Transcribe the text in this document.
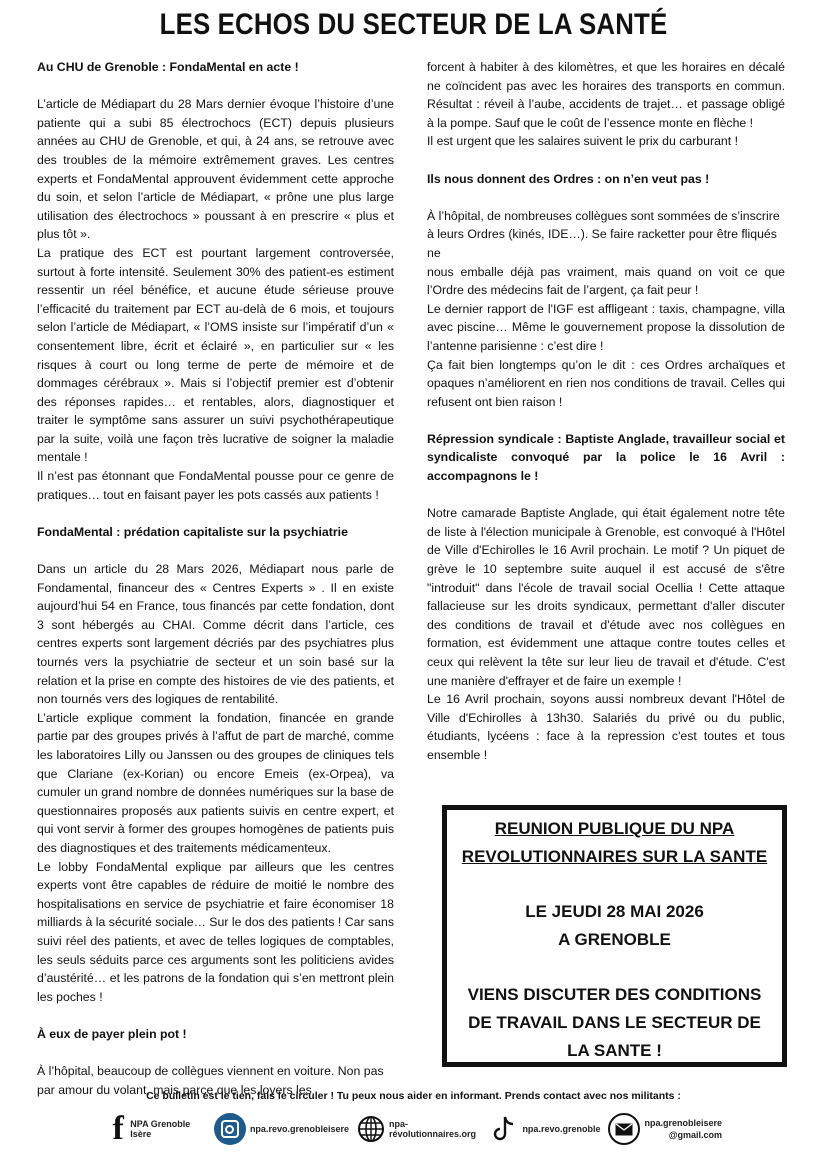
LES ECHOS DU SECTEUR DE LA SANTÉ
Au CHU de Grenoble : FondaMental en acte !

L’article de Médiapart du 28 Mars dernier évoque l’histoire d’une patiente qui a subi 85 électrochocs (ECT) depuis plusieurs années au CHU de Grenoble, et qui, à 24 ans, se retrouve avec des troubles de la mémoire extrêmement graves. Les centres experts et FondaMental approuvent évidemment cette approche du soin, et selon l’article de Médiapart, « prône une plus large utilisation des électrochocs » poussant à en prescrire « plus et plus tôt ».

La pratique des ECT est pourtant largement controversée, surtout à forte intensité. Seulement 30% des patient-es estiment ressentir un réel bénéfice, et aucune étude sérieuse prouve l’efficacité du traitement par ECT au-delà de 6 mois, et toujours selon l’article de Médiapart, « l’OMS insiste sur l’impératif d’un « consentement libre, écrit et éclairé », en particulier sur « les risques à court ou long terme de perte de mémoire et de dommages cérébraux ». Mais si l’objectif premier est d’obtenir des réponses rapides… et rentables, alors, diagnostiquer et traiter le symptôme sans assurer un suivi psychothérapeutique par la suite, voilà une façon très lucrative de soigner la maladie mentale !

Il n’est pas étonnant que FondaMental pousse pour ce genre de pratiques… tout en faisant payer les pots cassés aux patients !

FondaMental : prédation capitaliste sur la psychiatrie

Dans un article du 28 Mars 2026, Médiapart nous parle de Fondamental, financeur des « Centres Experts » . Il en existe aujourd’hui 54 en France, tous financés par cette fondation, dont 3 sont hébergés au CHAI. Comme décrit dans l’article, ces centres experts sont largement décriés par des psychiatres plus tournés vers la psychiatrie de secteur et un soin basé sur la relation et la prise en compte des histoires de vie des patients, et non tournés vers des logiques de rentabilité.

L’article explique comment la fondation, financée en grande partie par des groupes privés à l’affut de part de marché, comme les laboratoires Lilly ou Janssen ou des groupes de cliniques tels que Clariane (ex-Korian) ou encore Emeis (ex-Orpea), va cumuler un grand nombre de données numériques sur la base de questionnaires proposés aux patients suivis en centre expert, et qui vont servir à former des groupes homogènes de patients puis des diagnostiques et des traitements médicamenteux.

Le lobby FondaMental explique par ailleurs que les centres experts vont être capables de réduire de moitié le nombre des hospitalisations en service de psychiatrie et faire économiser 18 milliards à la sécurité sociale… Sur le dos des patients ! Car sans suivi réel des patients, et avec de telles logiques de comptables, les seuls séduits parce ces arguments sont les politiciens avides d’austérité… et les patrons de la fondation qui s’en mettront plein les poches !

À eux de payer plein pot !

À l’hôpital, beaucoup de collègues viennent en voiture. Non pas par amour du volant, mais parce que les loyers les

forcent à habiter à des kilomètres, et que les horaires en décalé ne coïncident pas avec les horaires des transports en commun. Résultat : réveil à l’aube, accidents de trajet… et passage obligé à la pompe. Sauf que le coût de l’essence monte en flèche !

Il est urgent que les salaires suivent le prix du carburant !

Ils nous donnent des Ordres : on n’en veut pas !

À l’hôpital, de nombreuses collègues sont sommées de s’inscrire à leurs Ordres (kinés, IDE…). Se faire racketter pour être fliqués ne

nous emballe déjà pas vraiment, mais quand on voit ce que l’Ordre des médecins fait de l’argent, ça fait peur !

Le dernier rapport de l'IGF est affligeant : taxis, champagne, villa avec piscine… Même le gouvernement propose la dissolution de l’antenne parisienne : c’est dire !

Ça fait bien longtemps qu’on le dit : ces Ordres archaïques et opaques n’améliorent en rien nos conditions de travail. Celles qui refusent ont bien raison !

Répression syndicale : Baptiste Anglade, travailleur social et syndicaliste convoqué par la police le 16 Avril : accompagnons le !

Notre camarade Baptiste Anglade, qui était également notre tête de liste à l'élection municipale à Grenoble, est convoqué à l'Hôtel de Ville d'Echirolles le 16 Avril prochain. Le motif ? Un piquet de grève le 10 septembre suite auquel il est accusé de s'être "introduit" dans l'école de travail social Ocellia ! Cette attaque fallacieuse sur les droits syndicaux, permettant d'aller discuter des conditions de travail et d'étude avec nos collègues en formation, est évidemment une attaque contre toutes celles et ceux qui relèvent la tête sur leur lieu de travail et d'étude. C'est une manière d'effrayer et de faire un exemple !

Le 16 Avril prochain, soyons aussi nombreux devant l'Hôtel de Ville d'Echirolles à 13h30. Salariés du privé ou du public, étudiants, lycéens : face à la repression c'est toutes et tous ensemble !

REUNION PUBLIQUE DU NPA
REVOLUTIONNAIRES SUR LA SANTE
LE JEUDI 28 MAI 2026
A GRENOBLE
VIENS DISCUTER DES CONDITIONS
DE TRAVAIL DANS LE SECTEUR DE
LA SANTE !
Ce bulletin est le tien, fais le circuler ! Tu peux nous aider en informant. Prends contact avec nos militants :
f NPA Grenoble Isère	npa.revo.grenobleisere	npa-révolutionnaires.org	npa.revo.grenoble
npa.grenobleisere
@gmail.com
